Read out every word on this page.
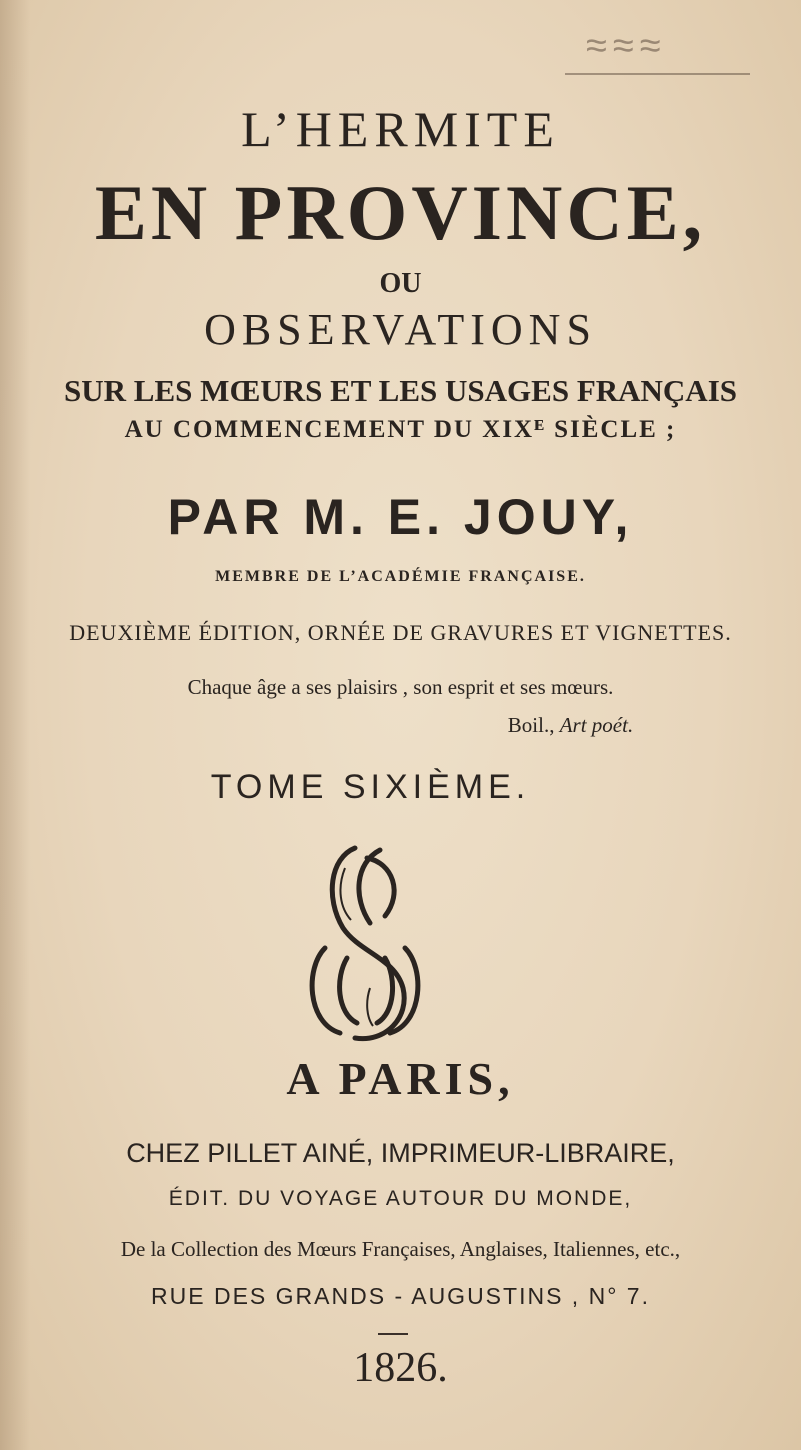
≈≈≈
L’HERMITE
EN PROVINCE,
OU
OBSERVATIONS
SUR LES MŒURS ET LES USAGES FRANÇAIS
AU COMMENCEMENT DU XIXᴱ SIÈCLE ;
PAR M. E. JOUY,
MEMBRE DE L’ACADÉMIE FRANÇAISE.
DEUXIÈME ÉDITION, ORNÉE DE GRAVURES ET VIGNETTES.
Chaque âge a ses plaisirs , son esprit et ses mœurs.
Boil., Art poét.
TOME SIXIÈME.
A PARIS,
CHEZ PILLET AINÉ, IMPRIMEUR-LIBRAIRE,
ÉDIT. DU VOYAGE AUTOUR DU MONDE,
De la Collection des Mœurs Françaises, Anglaises, Italiennes, etc.,
RUE DES GRANDS - AUGUSTINS , N° 7.
1826.
